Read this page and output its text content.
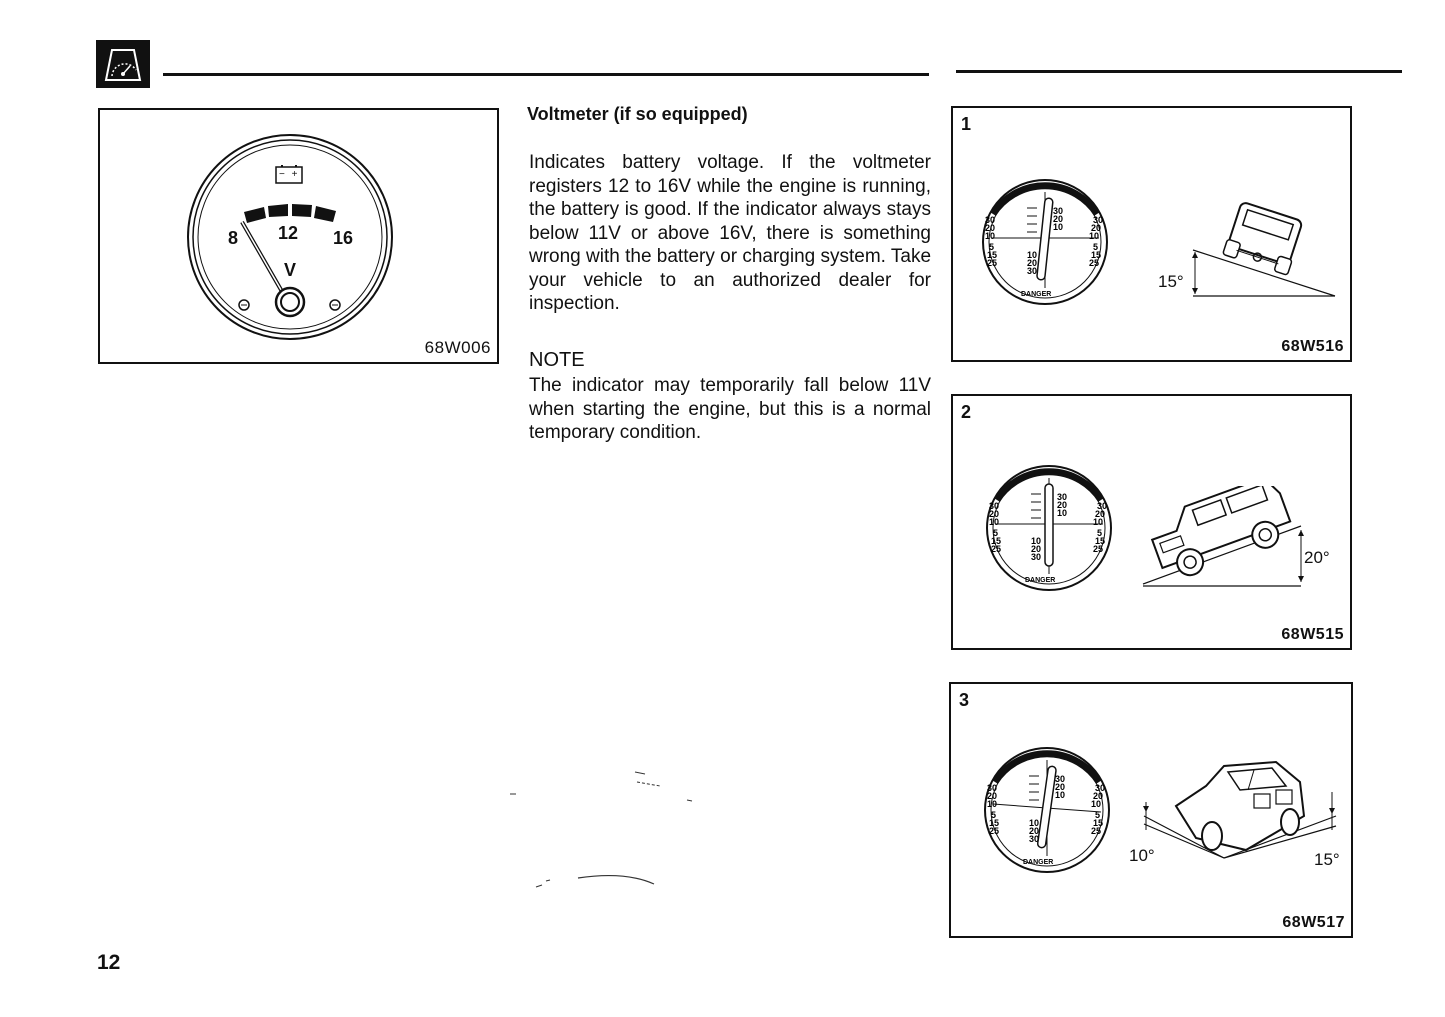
− +
8 12 16
V
68W006
Voltmeter (if so equipped)
Indicates battery voltage. If the voltmeter registers 12 to 16V while the engine is running, the battery is good. If the indicator always stays below 11V or above 16V, there is something wrong with the battery or charging system. Take your vehicle to an authorized dealer for inspection.
NOTE
The indicator may temporarily fall below 11V when starting the engine, but this is a normal temporary condition.
1
30
20
10
5
15
25
30
20
10
5
15
25
30
20
10
10
20
30
DANGER
15°
68W516
2
30
20
10
5
15
25
30
20
10
5
15
25
30
20
10
10
20
30
DANGER
20°
68W515
3
30
20
10
5
15
25
30
20
10
5
15
25
30
20
10
10
20
30
DANGER	10°	15°
68W517
12
